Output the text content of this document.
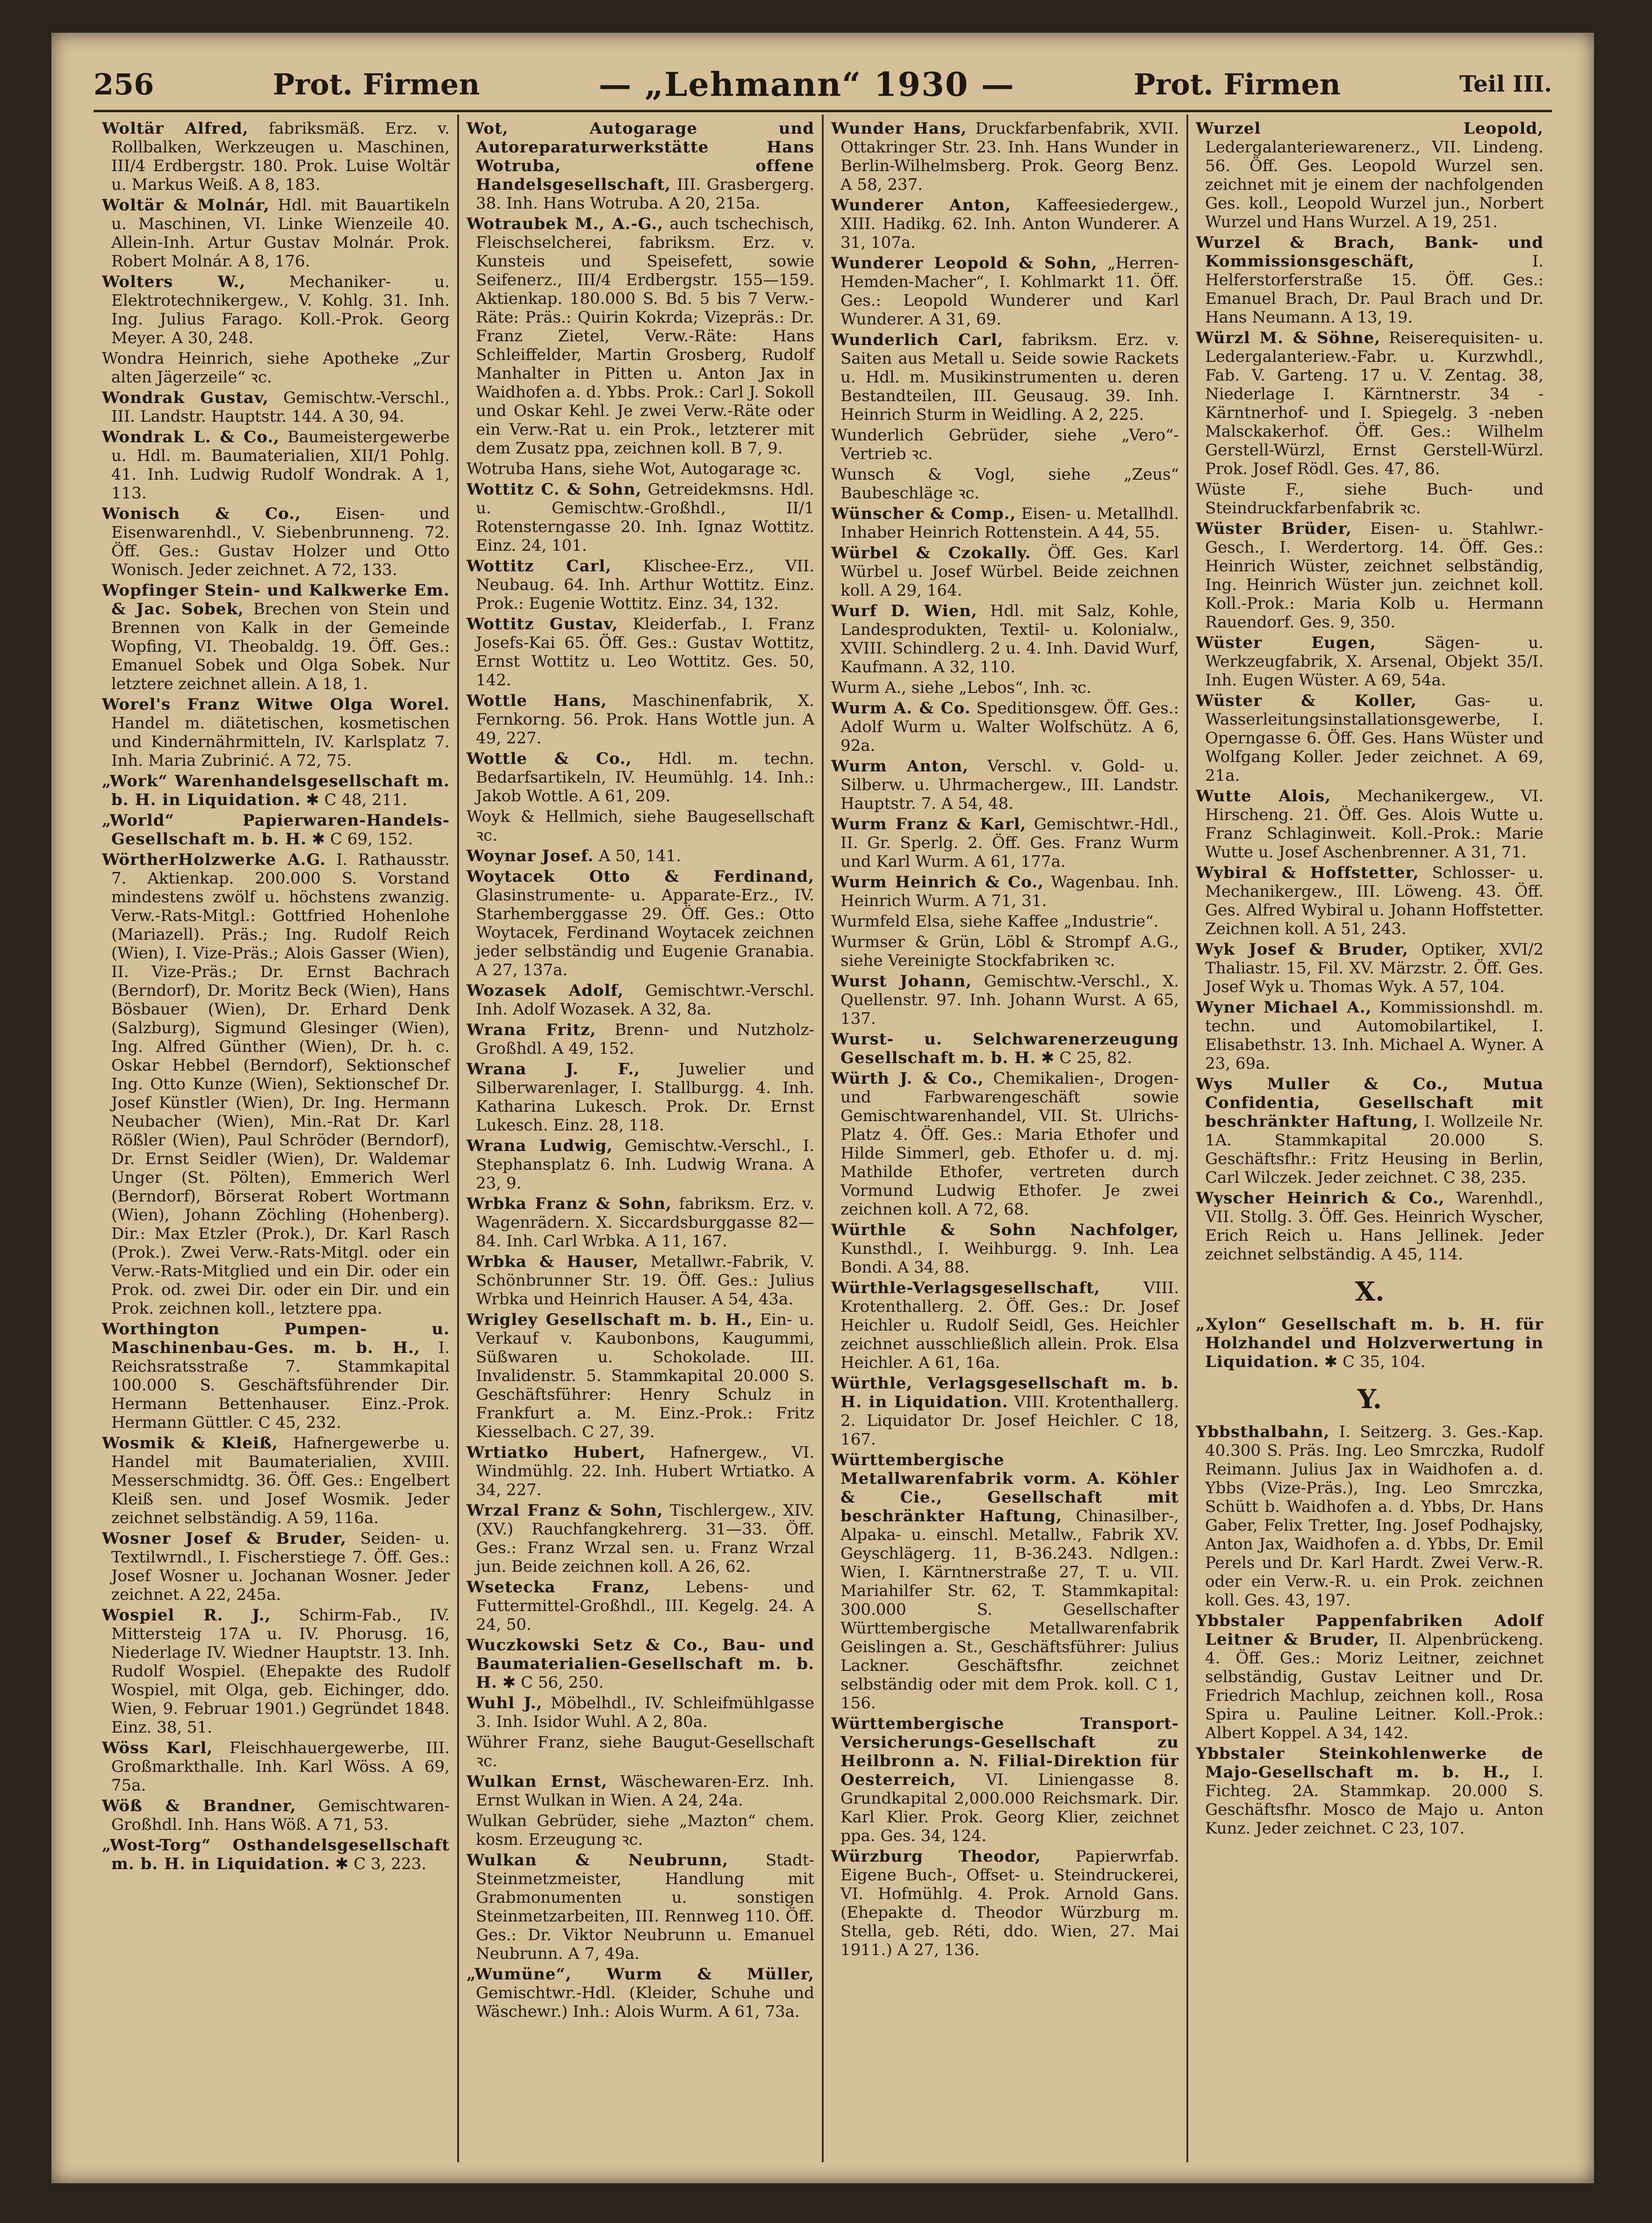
256	Prot. Firmen	— „Lehmann“ 1930 —	Prot. Firmen	Teil III.
Woltär Alfred, fabriksmäß. Erz. v. Rollbalken, Werkzeugen u. Maschinen, III/4 Erdbergstr. 180. Prok. Luise Woltär u. Markus Weiß. A 8, 183.
Woltär & Molnár, Hdl. mit Bauartikeln u. Maschinen, VI. Linke Wienzeile 40. Allein-Inh. Artur Gustav Molnár. Prok. Robert Molnár. A 8, 176.
Wolters W.,	Mechaniker- u. Elektrotechnikergew., V. Kohlg. 31. Inh. Ing. Julius Farago. Koll.-Prok. Georg Meyer. A 30, 248.
Wondra Heinrich, siehe Apotheke „Zur alten Jägerzeile“ ꝛc.
Wondrak Gustav, Gemischtw.-Verschl., III. Landstr. Hauptstr. 144. A 30, 94.
Wondrak L. & Co., Baumeistergewerbe u. Hdl. m. Baumaterialien, XII/1 Pohlg. 41. Inh. Ludwig Rudolf Wondrak. A 1, 113.
Wonisch & Co., Eisen- und Eisenwarenhdl., V. Siebenbrunneng. 72. Öff. Ges.: Gustav Holzer und Otto Wonisch. Jeder zeichnet. A 72, 133.
Wopfinger Stein- und Kalkwerke Em. & Jac. Sobek, Brechen von Stein und Brennen von Kalk in der Gemeinde Wopfing, VI. Theobaldg. 19. Öff. Ges.: Emanuel Sobek und Olga Sobek. Nur letztere zeichnet allein. A 18, 1.
Worel's Franz Witwe Olga Worel. Handel m. diätetischen, kosmetischen und Kindernährmitteln, IV. Karlsplatz 7. Inh. Maria Zubrinić. A 72, 75.
„Work“ Warenhandelsgesellschaft m. b. H. in Liquidation. ✱ C 48, 211.
„World“ Papierwaren-Handels-Gesellschaft m. b. H. ✱ C 69, 152.
WörtherHolzwerke A.G. I. Rathausstr. 7. Aktienkap. 200.000 S. Vorstand mindestens zwölf u. höchstens zwanzig. Verw.-Rats-Mitgl.: Gottfried Hohenlohe (Mariazell). Präs.; Ing. Rudolf Reich (Wien), I. Vize-Präs.; Alois Gasser (Wien), II. Vize-Präs.; Dr. Ernst Bachrach (Berndorf), Dr. Moritz Beck (Wien), Hans Bösbauer (Wien), Dr. Erhard Denk (Salzburg), Sigmund Glesinger (Wien), Ing. Alfred Günther (Wien), Dr. h. c. Oskar Hebbel (Berndorf), Sektionschef Ing. Otto Kunze (Wien), Sektionschef Dr. Josef Künstler (Wien), Dr. Ing. Hermann Neubacher (Wien), Min.-Rat Dr. Karl Rößler (Wien), Paul Schröder (Berndorf), Dr. Ernst Seidler (Wien), Dr. Waldemar Unger (St. Pölten), Emmerich Werl (Berndorf), Börserat Robert Wortmann (Wien), Johann Zöchling (Hohenberg). Dir.: Max Etzler (Prok.), Dr. Karl Rasch (Prok.). Zwei Verw.-Rats-Mitgl. oder ein Verw.-Rats-Mitglied und ein Dir. oder ein Prok. od. zwei Dir. oder ein Dir. und ein Prok. zeichnen koll., letztere ppa.
Worthington Pumpen- u. Maschinenbau-Ges. m. b. H., I. Reichsratsstraße 7. Stammkapital 100.000 S. Geschäftsführender Dir. Hermann Bettenhauser. Einz.-Prok. Hermann Güttler. C 45, 232.
Wosmik & Kleiß, Hafnergewerbe u. Handel mit Baumaterialien, XVIII. Messerschmidtg. 36. Öff. Ges.: Engelbert Kleiß sen. und Josef Wosmik. Jeder zeichnet selbständig. A 59, 116a.
Wosner Josef & Bruder, Seiden- u. Textilwrndl., I. Fischerstiege 7. Öff. Ges.: Josef Wosner u. Jochanan Wosner. Jeder zeichnet. A 22, 245a.
Wospiel R. J., Schirm-Fab., IV. Mittersteig 17A u. IV. Phorusg. 16, Niederlage IV. Wiedner Hauptstr. 13. Inh. Rudolf Wospiel. (Ehepakte des Rudolf Wospiel, mit Olga, geb. Eichinger, ddo. Wien, 9. Februar 1901.) Gegründet 1848. Einz. 38, 51.
Wöss Karl, Fleischhauergewerbe, III. Großmarkthalle. Inh. Karl Wöss. A 69, 75a.
Wöß & Brandner, Gemischtwaren-Großhdl. Inh. Hans Wöß. A 71, 53.
„Wost-Torg“ Osthandelsgesellschaft m. b. H. in Liquidation. ✱ C 3, 223.
Wot, Autogarage und Autoreparaturwerkstätte Hans Wotruba, offene Handelsgesellschaft, III. Grasbergerg. 38. Inh. Hans Wotruba. A 20, 215a.
Wotraubek M., A.-G., auch tschechisch, Fleischselcherei, fabriksm. Erz. v. Kunsteis und Speisefett, sowie Seifenerz., III/4 Erdbergstr. 155—159. Aktienkap. 180.000 S. Bd. 5 bis 7 Verw.-Räte: Präs.: Quirin Kokrda; Vizepräs.: Dr. Franz Zietel, Verw.-Räte: Hans Schleiffelder, Martin Grosberg, Rudolf Manhalter in Pitten u. Anton Jax in Waidhofen a. d. Ybbs. Prok.: Carl J. Sokoll und Oskar Kehl. Je zwei Verw.-Räte oder ein Verw.-Rat u. ein Prok., letzterer mit dem Zusatz ppa, zeichnen koll. B 7, 9.
Wotruba Hans, siehe Wot, Autogarage ꝛc.
Wottitz C. & Sohn, Getreidekmsns. Hdl. u. Gemischtw.-Großhdl., II/1 Rotensterngasse 20. Inh. Ignaz Wottitz. Einz. 24, 101.
Wottitz Carl, Klischee-Erz., VII. Neubaug. 64. Inh. Arthur Wottitz. Einz. Prok.: Eugenie Wottitz. Einz. 34, 132.
Wottitz Gustav, Kleiderfab., I. Franz Josefs-Kai 65. Öff. Ges.: Gustav Wottitz, Ernst Wottitz u. Leo Wottitz. Ges. 50, 142.
Wottle Hans, Maschinenfabrik, X. Fernkorng. 56. Prok. Hans Wottle jun. A 49, 227.
Wottle & Co., Hdl. m. techn. Bedarfsartikeln, IV. Heumühlg. 14. Inh.: Jakob Wottle. A 61, 209.
Woyk & Hellmich, siehe Baugesellschaft ꝛc.
Woynar Josef. A 50, 141.
Woytacek Otto & Ferdinand, Glasinstrumente- u. Apparate-Erz., IV. Starhemberggasse 29. Öff. Ges.: Otto Woytacek, Ferdinand Woytacek zeichnen jeder selbständig und Eugenie Granabia. A 27, 137a.
Wozasek Adolf, Gemischtwr.-Verschl. Inh. Adolf Wozasek. A 32, 8a.
Wrana Fritz, Brenn- und Nutzholz-Großhdl. A 49, 152.
Wrana J. F., Juwelier und Silberwarenlager, I. Stallburgg. 4. Inh. Katharina Lukesch. Prok. Dr. Ernst Lukesch. Einz. 28, 118.
Wrana Ludwig, Gemischtw.-Verschl., I. Stephansplatz 6. Inh. Ludwig Wrana. A 23, 9.
Wrbka Franz & Sohn, fabriksm. Erz. v. Wagenrädern. X. Siccardsburggasse 82—84. Inh. Carl Wrbka. A 11, 167.
Wrbka & Hauser, Metallwr.-Fabrik, V. Schönbrunner Str. 19. Öff. Ges.: Julius Wrbka und Heinrich Hauser. A 54, 43a.
Wrigley Gesellschaft m. b. H., Ein- u. Verkauf v. Kaubonbons, Kaugummi, Süßwaren u. Schokolade. III. Invalidenstr. 5. Stammkapital 20.000 S. Geschäftsführer: Henry Schulz in Frankfurt a. M. Einz.-Prok.: Fritz Kiesselbach. C 27, 39.
Wrtiatko Hubert, Hafnergew., VI. Windmühlg. 22. Inh. Hubert Wrtiatko. A 34, 227.
Wrzal Franz & Sohn, Tischlergew., XIV. (XV.) Rauchfangkehrerg. 31—33. Öff. Ges.: Franz Wrzal sen. u. Franz Wrzal jun. Beide zeichnen koll. A 26, 62.
Wsetecka Franz, Lebens- und Futtermittel-Großhdl., III. Kegelg. 24. A 24, 50.
Wuczkowski Setz & Co., Bau- und Baumaterialien-Gesellschaft m. b. H. ✱ C 56, 250.
Wuhl J., Möbelhdl., IV. Schleifmühlgasse 3. Inh. Isidor Wuhl. A 2, 80a.
Wührer Franz, siehe Baugut-Gesellschaft ꝛc.
Wulkan Ernst, Wäschewaren-Erz. Inh. Ernst Wulkan in Wien. A 24, 24a.
Wulkan Gebrüder, siehe „Mazton“ chem. kosm. Erzeugung ꝛc.
Wulkan & Neubrunn, Stadt-Steinmetzmeister, Handlung mit Grabmonumenten u. sonstigen Steinmetzarbeiten, III. Rennweg 110. Öff. Ges.: Dr. Viktor Neubrunn u. Emanuel Neubrunn. A 7, 49a.
„Wumüne“, Wurm & Müller, Gemischtwr.-Hdl. (Kleider, Schuhe und Wäschewr.) Inh.: Alois Wurm. A 61, 73a.
Wunder Hans, Druckfarbenfabrik, XVII. Ottakringer Str. 23. Inh. Hans Wunder in Berlin-Wilhelmsberg. Prok. Georg Benz. A 58, 237.
Wunderer Anton, Kaffeesiedergew., XIII. Hadikg. 62. Inh. Anton Wunderer. A 31, 107a.
Wunderer Leopold & Sohn, „Herren-Hemden-Macher“, I. Kohlmarkt 11. Öff. Ges.: Leopold Wunderer und Karl Wunderer. A 31, 69.
Wunderlich Carl, fabriksm. Erz. v. Saiten aus Metall u. Seide sowie Rackets u. Hdl. m. Musikinstrumenten u. deren Bestandteilen, III. Geusaug. 39. Inh. Heinrich Sturm in Weidling. A 2, 225.
Wunderlich Gebrüder, siehe „Vero“-Vertrieb ꝛc.
Wunsch & Vogl, siehe „Zeus“ Baubeschläge ꝛc.
Wünscher & Comp., Eisen- u. Metallhdl. Inhaber Heinrich Rottenstein. A 44, 55.
Würbel & Czokally. Öff. Ges. Karl Würbel u. Josef Würbel. Beide zeichnen koll. A 29, 164.
Wurf D. Wien, Hdl. mit Salz, Kohle, Landesprodukten, Textil- u. Kolonialw., XVIII. Schindlerg. 2 u. 4. Inh. David Wurf, Kaufmann. A 32, 110.
Wurm A., siehe „Lebos“, Inh. ꝛc.
Wurm A. & Co. Speditionsgew. Öff. Ges.: Adolf Wurm u. Walter Wolfschütz. A 6, 92a.
Wurm Anton, Verschl. v. Gold- u. Silberw. u. Uhrmachergew., III. Landstr. Hauptstr. 7. A 54, 48.
Wurm Franz & Karl, Gemischtwr.-Hdl., II. Gr. Sperlg. 2. Öff. Ges. Franz Wurm und Karl Wurm. A 61, 177a.
Wurm Heinrich & Co., Wagenbau. Inh. Heinrich Wurm. A 71, 31.
Wurmfeld Elsa, siehe Kaffee „Industrie“.
Wurmser & Grün, Löbl & Strompf A.G., siehe Vereinigte Stockfabriken ꝛc.
Wurst Johann, Gemischtw.-Verschl., X. Quellenstr. 97. Inh. Johann Wurst. A 65, 137.
Wurst- u. Selchwarenerzeugung Gesellschaft m. b. H. ✱ C 25, 82.
Würth J. & Co., Chemikalien-, Drogen- und Farbwarengeschäft sowie Gemischtwarenhandel, VII. St. Ulrichs-Platz 4. Öff. Ges.: Maria Ethofer und Hilde Simmerl, geb. Ethofer u. d. mj. Mathilde Ethofer, vertreten durch Vormund Ludwig Ethofer. Je zwei zeichnen koll. A 72, 68.
Würthle & Sohn Nachfolger, Kunsthdl., I. Weihburgg. 9. Inh. Lea Bondi. A 34, 88.
Würthle-Verlagsgesellschaft,	VIII. Krotenthallerg. 2. Öff. Ges.: Dr. Josef Heichler u. Rudolf Seidl, Ges. Heichler zeichnet ausschließlich allein. Prok. Elsa Heichler. A 61, 16a.
Würthle, Verlagsgesellschaft m. b. H. in Liquidation. VIII. Krotenthallerg. 2. Liquidator Dr. Josef Heichler. C 18, 167.
Württembergische Metallwarenfabrik vorm. A. Köhler & Cie., Gesellschaft mit beschränkter Haftung, Chinasilber-, Alpaka- u. einschl. Metallw., Fabrik XV. Geyschlägerg. 11, B-36.243. Ndlgen.: Wien, I. Kärntnerstraße 27, T. u. VII. Mariahilfer Str. 62, T. Stammkapital: 300.000 S. Gesellschafter Württembergische Metallwarenfabrik Geislingen a. St., Geschäftsführer: Julius Lackner. Geschäftsfhr. zeichnet selbständig oder mit dem Prok. koll. C 1, 156.
Württembergische Transport-Versicherungs-Gesellschaft zu Heilbronn a. N. Filial-Direktion für Oesterreich, VI. Liniengasse 8. Grundkapital 2,000.000 Reichsmark. Dir. Karl Klier. Prok. Georg Klier, zeichnet ppa. Ges. 34, 124.
Würzburg Theodor, Papierwrfab. Eigene Buch-, Offset- u. Steindruckerei, VI. Hofmühlg. 4. Prok. Arnold Gans. (Ehepakte d. Theodor Würzburg m. Stella, geb. Réti, ddo. Wien, 27. Mai 1911.) A 27, 136.
Wurzel Leopold, Ledergalanteriewarenerz., VII. Lindeng. 56. Öff. Ges. Leopold Wurzel sen. zeichnet mit je einem der nachfolgenden Ges. koll., Leopold Wurzel jun., Norbert Wurzel und Hans Wurzel. A 19, 251.
Wurzel & Brach, Bank- und Kommissionsgeschäft,	I. Helferstorferstraße 15. Öff. Ges.: Emanuel Brach, Dr. Paul Brach und Dr. Hans Neumann. A 13, 19.
Würzl M. & Söhne, Reiserequisiten- u. Ledergalanteriew.-Fabr. u. Kurzwhdl., Fab. V. Garteng. 17 u. V. Zentag. 38, Niederlage I. Kärntnerstr. 34 -Kärntnerhof- und I. Spiegelg. 3 -neben Malsckakerhof. Öff. Ges.: Wilhelm Gerstell-Würzl, Ernst Gerstell-Würzl. Prok. Josef Rödl. Ges. 47, 86.
Wüste F., siehe Buch- und Steindruckfarbenfabrik ꝛc.
Wüster Brüder, Eisen- u. Stahlwr.-Gesch., I. Werdertorg. 14. Öff. Ges.: Heinrich Wüster, zeichnet selbständig, Ing. Heinrich Wüster jun. zeichnet koll. Koll.-Prok.: Maria Kolb u. Hermann Rauendorf. Ges. 9, 350.
Wüster Eugen,	Sägen- u. Werkzeugfabrik, X. Arsenal, Objekt 35/I. Inh. Eugen Wüster. A 69, 54a.
Wüster & Koller, Gas- u. Wasserleitungsinstallationsgewerbe, I. Operngasse 6. Öff. Ges. Hans Wüster und Wolfgang Koller. Jeder zeichnet. A 69, 21a.
Wutte Alois, Mechanikergew., VI. Hirscheng. 21. Öff. Ges. Alois Wutte u. Franz Schlaginweit. Koll.-Prok.: Marie Wutte u. Josef Aschenbrenner. A 31, 71.
Wybiral & Hoffstetter, Schlosser- u. Mechanikergew., III. Löweng. 43. Öff. Ges. Alfred Wybiral u. Johann Hoffstetter. Zeichnen koll. A 51, 243.
Wyk Josef & Bruder, Optiker, XVI/2 Thaliastr. 15, Fil. XV. Märzstr. 2. Öff. Ges. Josef Wyk u. Thomas Wyk. A 57, 104.
Wyner Michael A., Kommissionshdl. m. techn. und Automobilartikel, I. Elisabethstr. 13. Inh. Michael A. Wyner. A 23, 69a.
Wys Muller & Co., Mutua Confidentia, Gesellschaft mit beschränkter Haftung, I. Wollzeile Nr. 1A. Stammkapital 20.000 S. Geschäftsfhr.: Fritz Heusing in Berlin, Carl Wilczek. Jeder zeichnet. C 38, 235.
Wyscher Heinrich & Co., Warenhdl., VII. Stollg. 3. Öff. Ges. Heinrich Wyscher, Erich Reich u. Hans Jellinek. Jeder zeichnet selbständig. A 45, 114.
X.
„Xylon“ Gesellschaft m. b. H. für Holzhandel und Holzverwertung in Liquidation. ✱ C 35, 104.
Y.
Ybbsthalbahn, I. Seitzerg. 3. Ges.-Kap. 40.300 S. Präs. Ing. Leo Smrczka, Rudolf Reimann. Julius Jax in Waidhofen a. d. Ybbs (Vize-Präs.), Ing. Leo Smrczka, Schütt b. Waidhofen a. d. Ybbs, Dr. Hans Gaber, Felix Tretter, Ing. Josef Podhajsky, Anton Jax, Waidhofen a. d. Ybbs, Dr. Emil Perels und Dr. Karl Hardt. Zwei Verw.-R. oder ein Verw.-R. u. ein Prok. zeichnen koll. Ges. 43, 197.
Ybbstaler Pappenfabriken Adolf Leitner & Bruder, II. Alpenbrückeng. 4. Öff. Ges.: Moriz Leitner, zeichnet selbständig, Gustav Leitner und Dr. Friedrich Machlup, zeichnen koll., Rosa Spira u. Pauline Leitner. Koll.-Prok.: Albert Koppel. A 34, 142.
Ybbstaler Steinkohlenwerke de Majo-Gesellschaft m. b. H., I. Fichteg. 2A. Stammkap. 20.000 S. Geschäftsfhr. Mosco de Majo u. Anton Kunz. Jeder zeichnet. C 23, 107.
